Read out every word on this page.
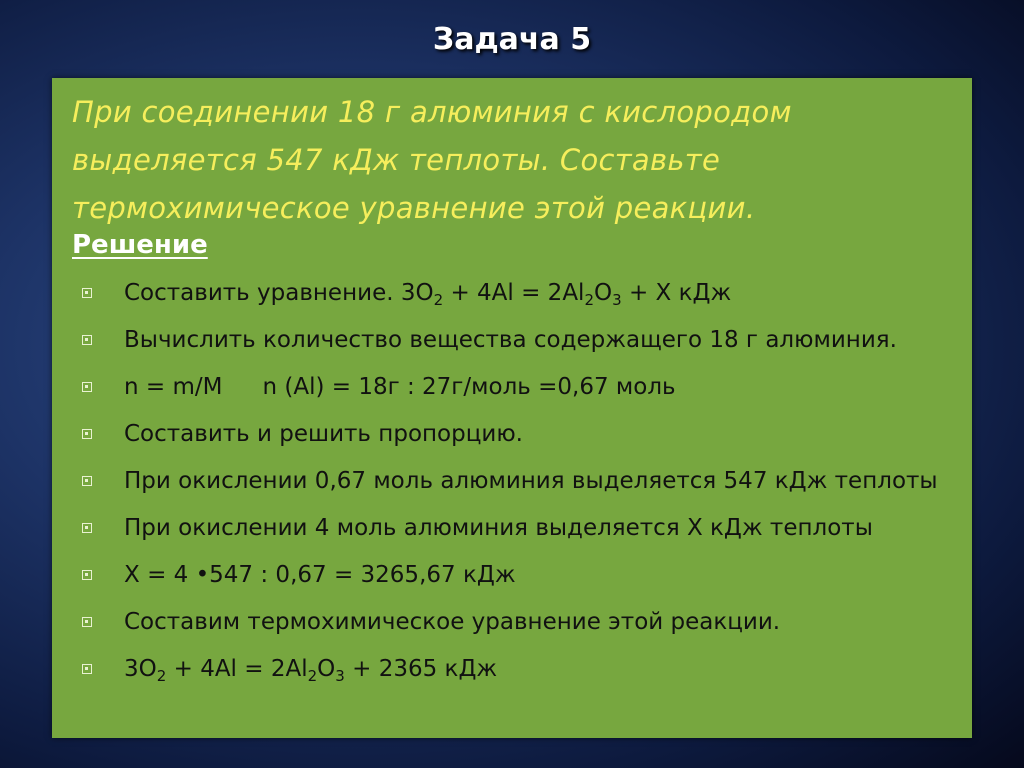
Задача 5
При соединении 18 г алюминия с кислородом
выделяется 547 кДж теплоты. Составьте
термохимическое уравнение этой реакции.
Решение
Составить уравнение. $3O_2 + 4Al = 2Al_2O_3 + Х$ кДж
Вычислить количество вещества содержащего 18 г алюминия.
n = m/M n (Al) = 18г : 27г/моль =0,67 моль
Составить и решить пропорцию.
При окислении 0,67 моль алюминия выделяется 547 кДж теплоты
При окислении 4 моль алюминия выделяется Х кДж теплоты
Х = 4 •547 : 0,67 = 3265,67 кДж
Составим термохимическое уравнение этой реакции.
$3O_2 + 4Al = 2Al_2O_3 + 2365$ кДж
